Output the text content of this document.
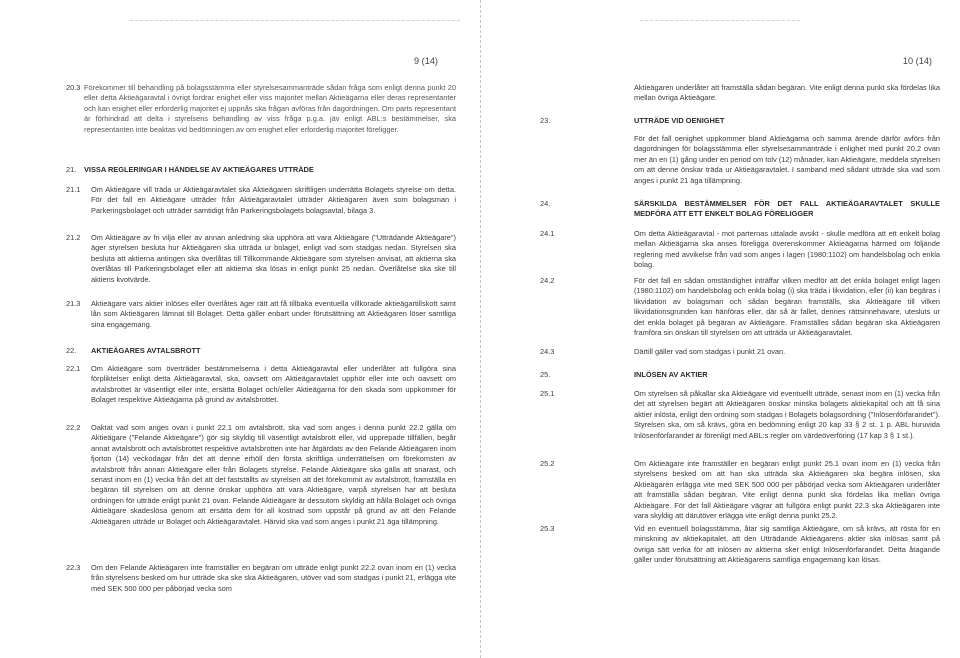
9 (14)
20.3 Förekommer till behandling på bolagsstämma eller styrelsesammanträde sådan fråga som enligt denna punkt 20 eller detta Aktieägaravtal i övrigt fordrar enighet eller viss majoritet mellan Aktieägarna eller deras representanter och kan enighet eller erforderlig majoritet ej uppnås ska frågan avföras från dagordningen. Om parts representant är förhindrad att delta i styrelsens behandling av viss fråga p.g.a. jäv enligt ABL:s bestämmelser, ska representanten inte beaktas vid bedömningen av om enighet eller erforderlig majoritet föreligger.
21. VISSA REGLERINGAR I HÄNDELSE AV AKTIEÄGARES UTTRÄDE
21.1 Om Aktieägare vill träda ur Aktieägaravtalet ska Aktieägaren skriftligen underrätta Bolagets styrelse om detta. För det fall en Aktieägare utträder från Aktieägaravtalet utträder Aktieägaren även som bolagsman i Parkeringsbolaget och utträder samtidigt från Parkeringsbolagets bolagsavtal, bilaga 3.
21.2 Om Aktieägare av fri vilja eller av annan anledning ska upphöra att vara Aktieägare ("Utträdande Aktieägare") äger styrelsen besluta hur Aktieägaren ska utträda ur bolaget, enligt vad som stadgas nedan. Styrelsen ska besluta att aktierna antingen ska överlåtas till Tillkommande Aktieägare som styrelsen anvisat, att aktierna ska överlåtas till Parkeringsbolaget eller att aktierna ska lösas in enligt punkt 25 nedan. Överlåtelse ska ske till aktiens kvotvärde.
21.3 Aktieägare vars aktier inlöses eller överlåtes äger rätt att få tillbaka eventuella villkorade aktieägartillskott samt lån som Aktieägaren lämnat till Bolaget. Detta gäller enbart under förutsättning att Aktieägaren löser samtliga sina engagemang.
22. AKTIEÄGARES AVTALSBROTT
22.1 Om Aktieägare som överträder bestämmelserna i detta Aktieägaravtal eller underlåter att fullgöra sina förpliktelser enligt detta Aktieägaravtal, ska, oavsett om Aktieägaravtalet upphör eller inte och oavsett om avtalsbrottet är väsentligt eller inte, ersätta Bolaget och/eller Aktieägarna för den skada som uppkommer för Bolaget respektive Aktieägarna på grund av avtalsbrottet.
22.2 Oaktat vad som anges ovan i punkt 22.1 om avtalsbrott, ska vad som anges i denna punkt 22.2 gälla om Aktieägare ("Felande Aktieägare") gör sig skyldig till väsentligt avtalsbrott eller, vid upprepade tillfällen, begår annat avtalsbrott och avtalsbrottet respektive avtalsbrotten inte har åtgärdats av den Felande Aktieägaren inom fjorton (14) veckodagar från det att denne erhöll den första skriftliga underrättelsen om förekomsten av avtalsbrott från annan Aktieägare eller från Bolagets styrelse. Felande Aktieägare ska gälla att snarast, och senast inom en (1) vecka från det att det fastställts av styrelsen att det förekommit av avtalsbrott, framställa en begäran till styrelsen om att denne önskar upphöra att vara Aktieägare, varpå styrelsen har att besluta ordningen för utträde enligt punkt 21 ovan. Felande Aktieägare är dessutom skyldig att hålla Bolaget och övriga Aktieägare skadeslösa genom att ersätta dem för all kostnad som uppstår på grund av att den Felande Aktieägaren utträde ur Bolaget och Aktieägaravtalet. Härvid ska vad som anges i punkt 21 äga tillämpning.
22.3 Om den Felande Aktieägaren inte framställer en begäran om utträde enligt punkt 22.2 ovan inom en (1) vecka från styrelsens besked om hur utträde ska ske ska Aktieägaren, utöver vad som stadgas i punkt 21, erlägga vite med SEK 500 000 per påbörjad vecka som
10 (14)
Aktieägaren underlåter att framställa sådan begäran. Vite enligt denna punkt ska fördelas lika mellan övriga Aktieägare.
23.	UTTRÄDE VID OENIGHET
För det fall oenighet uppkommer bland Aktieägarna och samma ärende därför avförs från dagordningen för bolagsstämma eller styrelsesammanträde i enlighet med punkt 20.2 ovan mer än en (1) gång under en period om tolv (12) månader, kan Aktieägare, meddela styrelsen om att denne önskar träda ur Aktieägaravtalet. I samband med sådant utträde ska vad som anges i punkt 21 äga tillämpning.
24.	SÄRSKILDA BESTÄMMELSER FÖR DET FALL AKTIEÄGARAVTALET SKULLE MEDFÖRA ATT ETT ENKELT BOLAG FÖRELIGGER
24.1	Om detta Aktieägaravtal - mot parternas uttalade avsikt - skulle medföra att ett enkelt bolag mellan Aktieägarna ska anses föreligga överenskommer Aktieägarna härmed om följande reglering med avvikelse från vad som anges i lagen (1980:1102) om handelsbolag och enkla bolag.
24.2	För det fall en sådan omständighet inträffar vilken medför att det enkla bolaget enligt lagen (1980:1102) om handelsbolag och enkla bolag (i) ska träda i likvidation, eller (ii) kan begäras i likvidation av bolagsman och sådan begäran framställs, ska Aktieägare till vilken likvidationsgrunden kan hänföras eller, där så är fallet, dennes rättsinnehavare, utesluts ur det enkla bolaget på begäran av Aktieägare. Framställes sådan begäran ska Aktieägaren framföra sin önskan till styrelsen om att utträda ur Aktieägaravtalet.
24.3	Därtill gäller vad som stadgas i punkt 21 ovan.
25.	INLÖSEN AV AKTIER
25.1	Om styrelsen så påkallar ska Aktieägare vid eventuellt utträde, senast inom en (1) vecka från det att styrelsen begärt att Aktieägaren önskar minska bolagets aktiekapital och att få sina aktier inlösta, enligt den ordning som stadgas i Bolagets bolagsordning ("Inlösenförfarandet"). Styrelsen ska, om så krävs, göra en bedömning enligt 20 kap 33 § 2 st. 1 p. ABL huruvida Inlösenförfarandet är förenligt med ABL:s regler om värdeöverföring (17 kap 3 § 1 st.).
25.2	Om Aktieägare inte framställer en begäran enligt punkt 25.1 ovan inom en (1) vecka från styrelsens besked om att han ska utträda ska Aktieägaren ska begära inlösen, ska Aktieägaren erlägga vite med SEK 500 000 per påbörjad vecka som Aktieägaren underlåter att framställa sådan begäran. Vite enligt denna punkt ska fördelas lika mellan övriga Aktieägare. För det fall Aktieägare vägrar att fullgöra enligt punkt 22.3 ska Aktieägaren inte vara skyldig att därutöver erlägga vite enligt denna punkt 25.2.
25.3	Vid en eventuell bolagsstämma, åtar sig samtliga Aktieägare, om så krävs, att rösta för en minskning av aktiekapitalet, att den Utträdande Aktieägarens aktier ska inlösas samt på övriga sätt verka för att inlösen av aktierna sker enligt Inlösenförfarandet. Detta åtagande gäller under förutsättning att Aktieägarens samtliga engagemang kan lösas.
